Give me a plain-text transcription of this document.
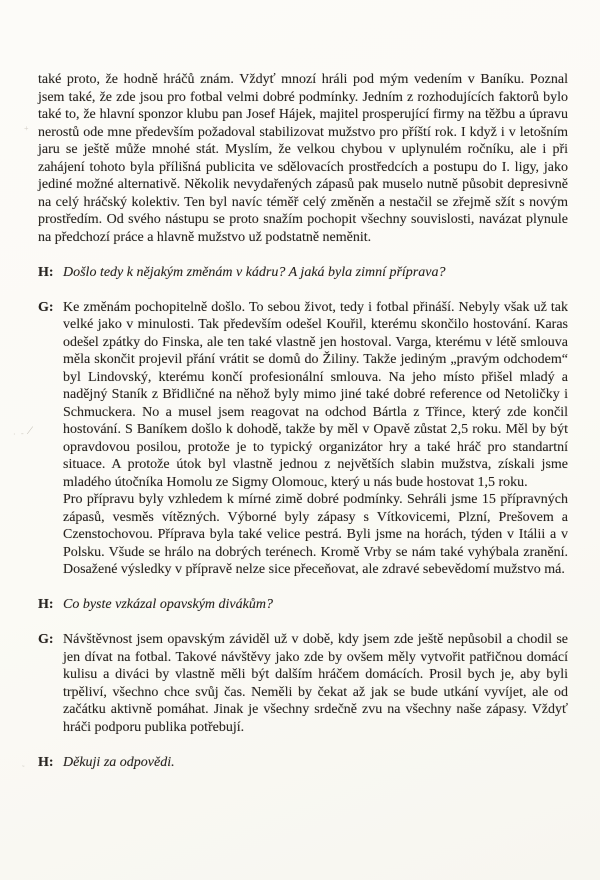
také proto, že hodně hráčů znám. Vždyť mnozí hráli pod mým vedením v Baníku. Poznal jsem také, že zde jsou pro fotbal velmi dobré podmínky. Jedním z rozhodujících faktorů bylo také to, že hlavní sponzor klubu pan Josef Hájek, majitel prosperující firmy na těžbu a úpravu nerostů ode mne především požadoval stabilizovat mužstvo pro příští rok. I když i v letošním jaru se ještě může mnohé stát. Myslím, že velkou chybou v uplynulém ročníku, ale i při zahájení tohoto byla přílišná publicita ve sdělovacích prostředcích a postupu do I. ligy, jako jediné možné alternativě. Několik nevydařených zápasů pak muselo nutně působit depresivně na celý hráčský kolektiv. Ten byl navíc téměř celý změněn a nestačil se zřejmě sžít s novým prostředím. Od svého nástupu se proto snažím pochopit všechny souvislosti, navázat plynule na předchozí práce a hlavně mužstvo už podstatně neměnit.

H: Došlo tedy k nějakým změnám v kádru? A jaká byla zimní příprava?

G: Ke změnám pochopitelně došlo. To sebou život, tedy i fotbal přináší. Nebyly však už tak velké jako v minulosti. Tak především odešel Kouřil, kterému skončilo hostování. Karas odešel zpátky do Finska, ale ten také vlastně jen hostoval. Varga, kterému v létě smlouva měla skončit projevil přání vrátit se domů do Žiliny. Takže jediným „pravým odchodem“ byl Lindovský, kterému končí profesionální smlouva. Na jeho místo přišel mladý a nadějný Staník z Břidličné na něhož byly mimo jiné také dobré reference od Netoličky i Schmuckera. No a musel jsem reagovat na odchod Bártla z Třince, který zde končil hostování. S Baníkem došlo k dohodě, takže by měl v Opavě zůstat 2,5 roku. Měl by být opravdovou posilou, protože je to typický organizátor hry a také hráč pro standartní situace. A protože útok byl vlastně jednou z největších slabin mužstva, získali jsme mladého útočníka Homolu ze Sigmy Olomouc, který u nás bude hostovat 1,5 roku.

Pro přípravu byly vzhledem k mírné zimě dobré podmínky. Sehráli jsme 15 přípravných zápasů, vesměs vítězných. Výborné byly zápasy s Vítkovicemi, Plzní, Prešovem a Czenstochovou. Příprava byla také velice pestrá. Byli jsme na horách, týden v Itálii a v Polsku. Všude se hrálo na dobrých terénech. Kromě Vrby se nám také vyhýbala zranění. Dosažené výsledky v přípravě nelze sice přeceňovat, ale zdravé sebevědomí mužstvo má.

H: Co byste vzkázal opavským divákům?

G: Návštěvnost jsem opavským záviděl už v době, kdy jsem zde ještě nepůsobil a chodil se jen dívat na fotbal. Takové návštěvy jako zde by ovšem měly vytvořit patřičnou domácí kulisu a diváci by vlastně měli být dalším hráčem domácích. Prosil bych je, aby byli trpěliví, všechno chce svůj čas. Neměli by čekat až jak se bude utkání vyvíjet, ale od začátku aktivně pomáhat. Jinak je všechny srdečně zvu na všechny naše zápasy. Vždyť hráči podporu publika potřebují.

H: Děkuji za odpovědi.

+
· - ⁄
˜
